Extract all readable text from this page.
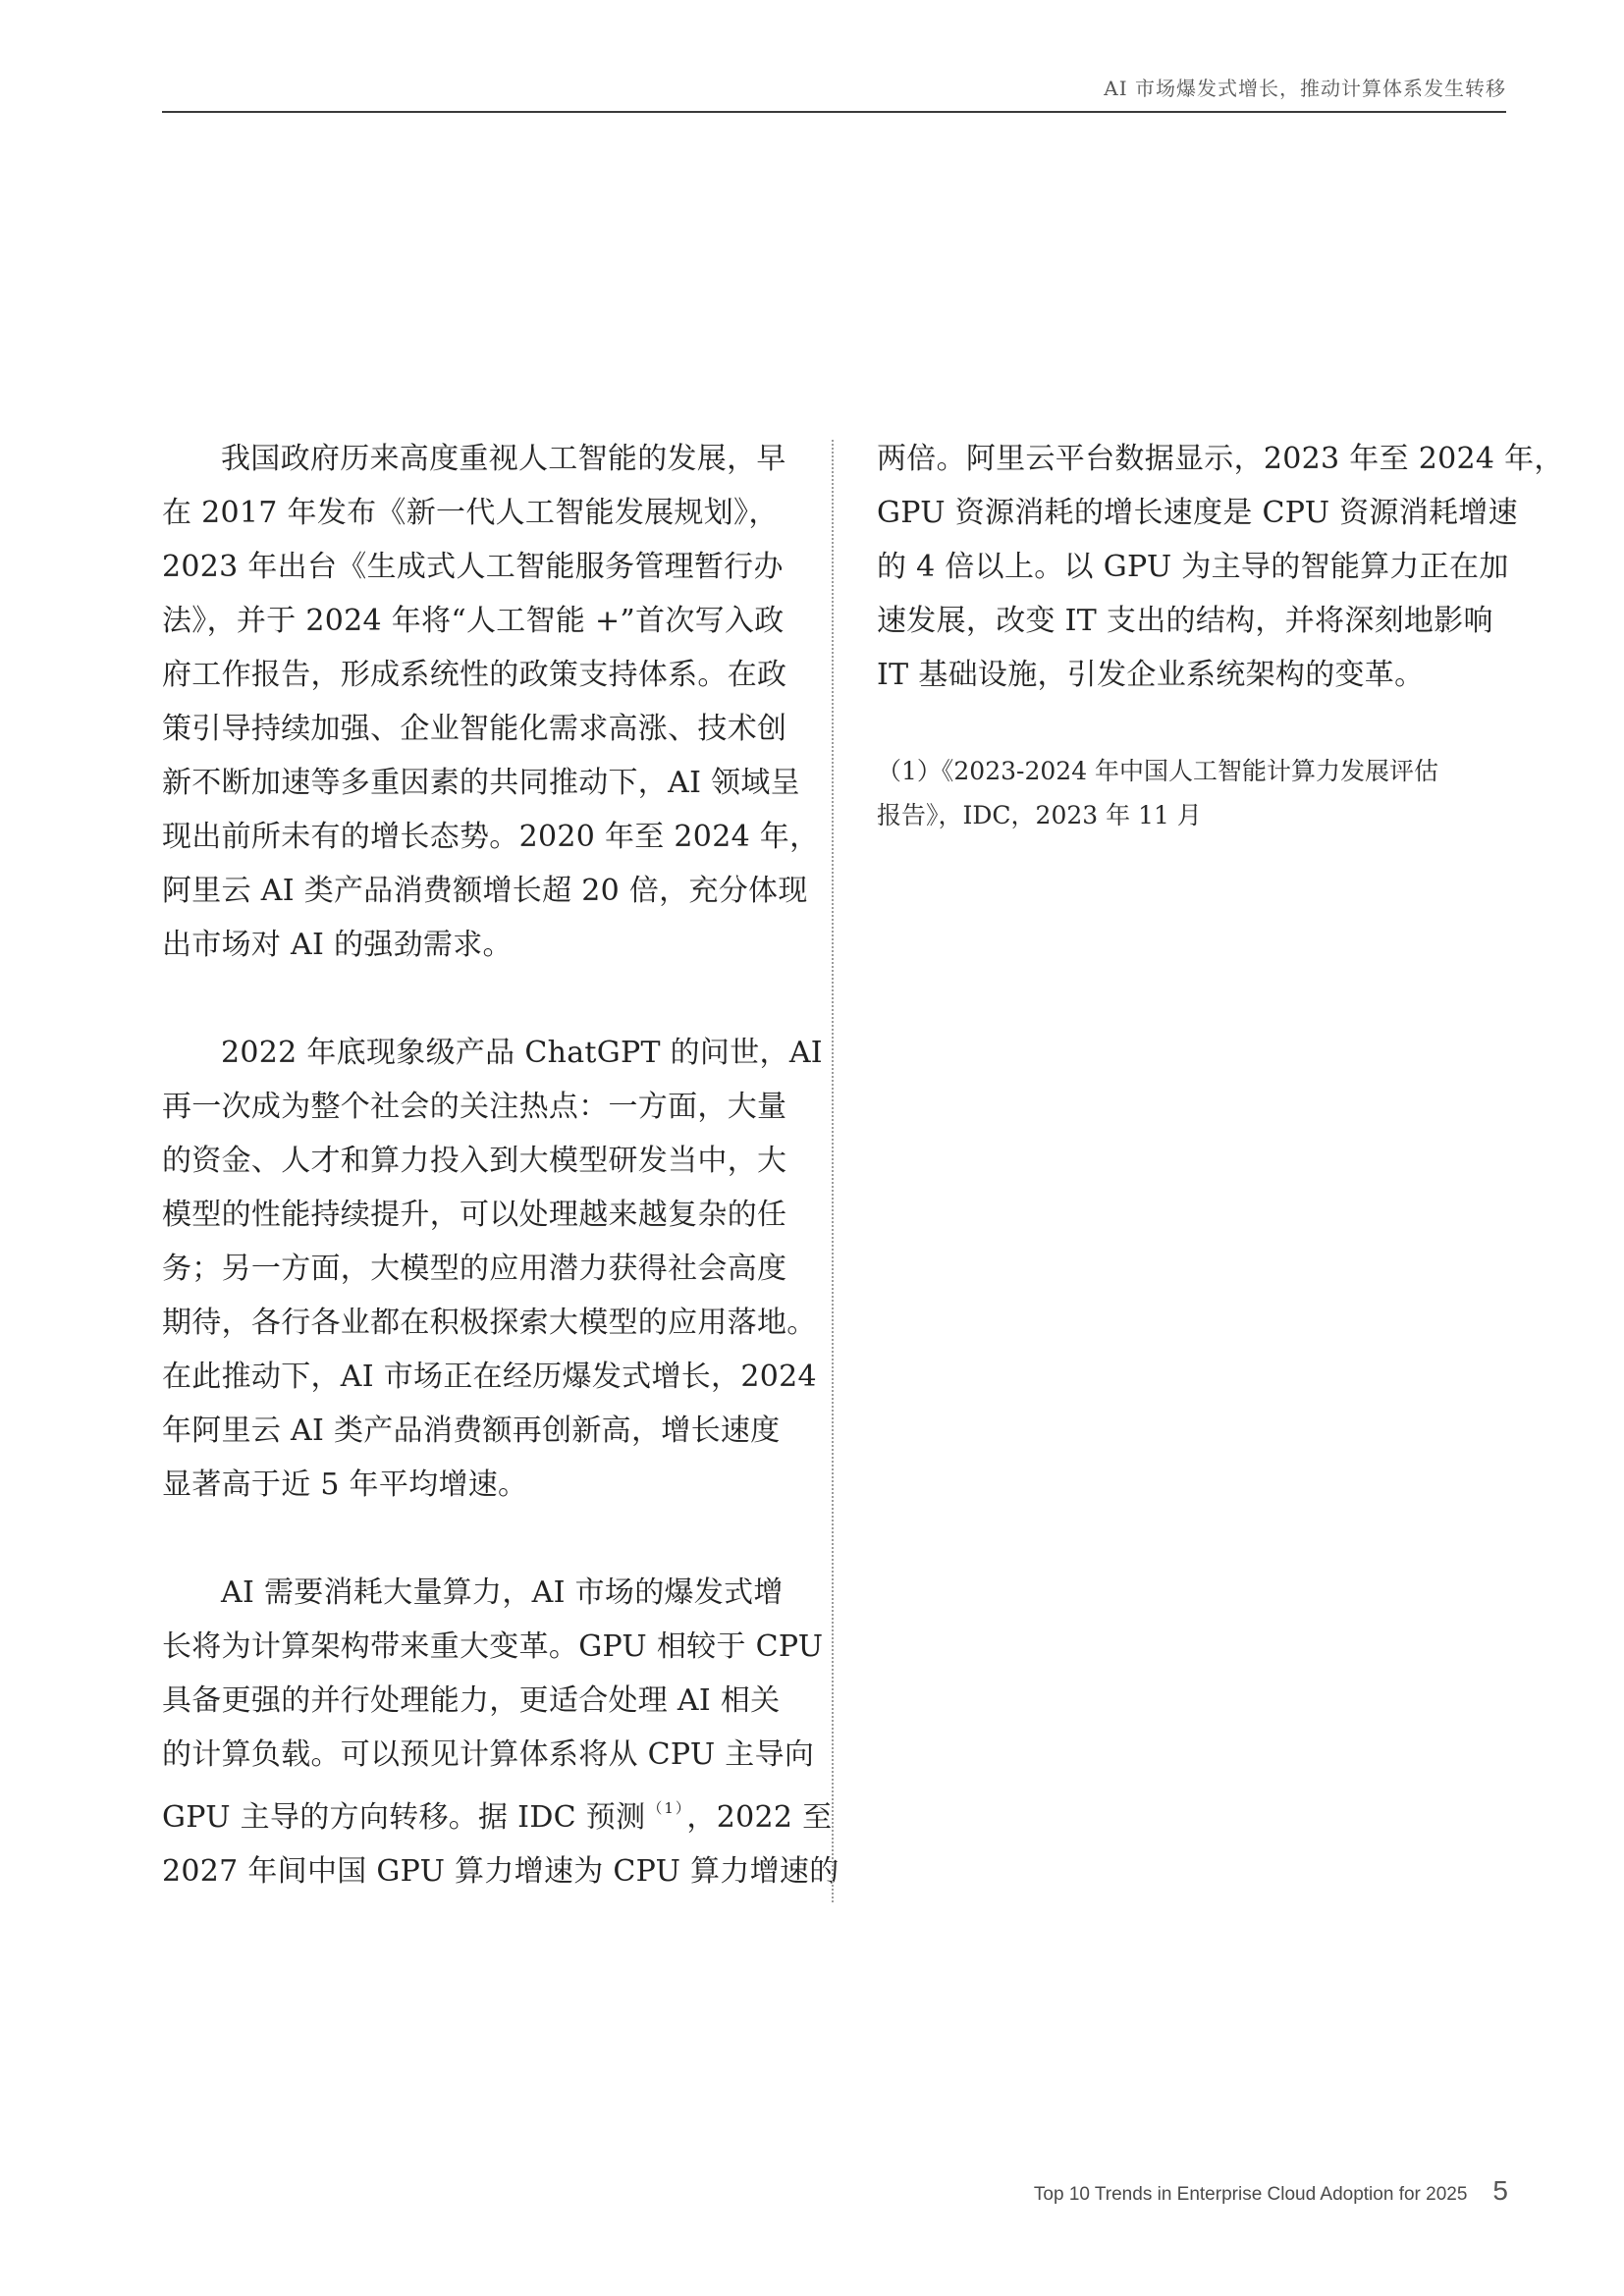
AI 市场爆发式增长，推动计算体系发生转移

我国政府历来高度重视人工智能的发展，早
在 2017 年发布《新一代人工智能发展规划》，
2023 年出台《生成式人工智能服务管理暂行办
法》，并于 2024 年将“人工智能 +”首次写入政
府工作报告，形成系统性的政策支持体系。在政
策引导持续加强、企业智能化需求高涨、技术创
新不断加速等多重因素的共同推动下，AI 领域呈
现出前所未有的增长态势。2020 年至 2024 年，
阿里云 AI 类产品消费额增长超 20 倍，充分体现
出市场对 AI 的强劲需求。

2022 年底现象级产品 ChatGPT 的问世，AI
再一次成为整个社会的关注热点：一方面，大量
的资金、人才和算力投入到大模型研发当中，大
模型的性能持续提升，可以处理越来越复杂的任
务；另一方面，大模型的应用潜力获得社会高度
期待，各行各业都在积极探索大模型的应用落地。
在此推动下，AI 市场正在经历爆发式增长，2024
年阿里云 AI 类产品消费额再创新高，增长速度
显著高于近 5 年平均增速。

AI 需要消耗大量算力，AI 市场的爆发式增
长将为计算架构带来重大变革。GPU 相较于 CPU
具备更强的并行处理能力，更适合处理 AI 相关
的计算负载。可以预见计算体系将从 CPU 主导向
GPU 主导的方向转移。据 IDC 预测 $^{(1)}$，2022 至
2027 年间中国 GPU 算力增速为 CPU 算力增速的

两倍。阿里云平台数据显示，2023 年至 2024 年，
GPU 资源消耗的增长速度是 CPU 资源消耗增速
的 4 倍以上。以 GPU 为主导的智能算力正在加
速发展，改变 IT 支出的结构，并将深刻地影响
IT 基础设施，引发企业系统架构的变革。

（1）《2023-2024 年中国人工智能计算力发展评估
报告》，IDC，2023 年 11 月

Top 10 Trends in Enterprise Cloud Adoption for 2025 5
